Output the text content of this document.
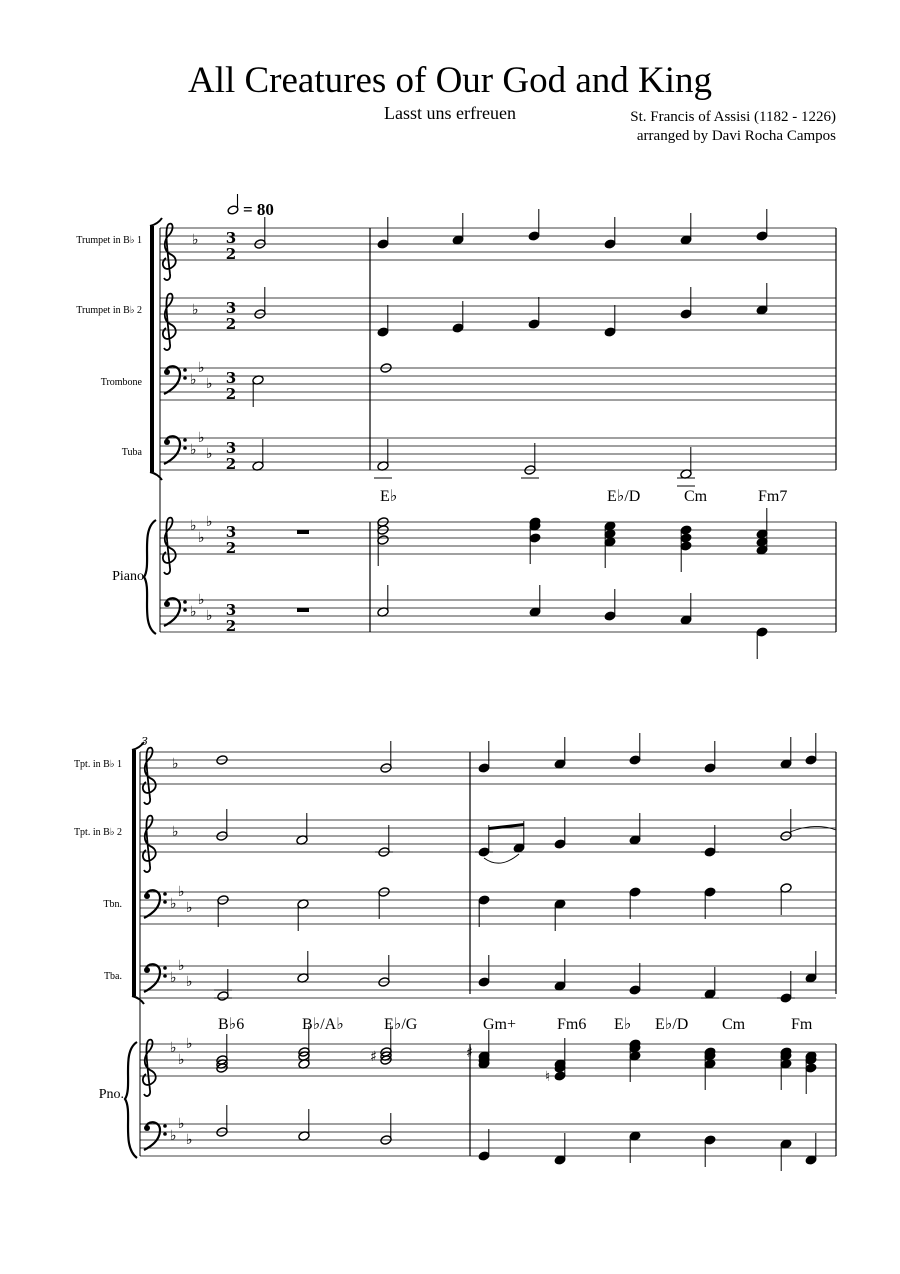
All Creatures of Our God and King
Lasst uns erfreuen	St. Francis of Assisi (1182 - 1226)
arranged by Davi Rocha Campos
= 80
Trumpet in B♭ 1
Trumpet in B♭ 2
Trombone
Tuba
Piano
Tpt. in B♭ 1
Tpt. in B♭ 2
Tbn.
Tba.
Pno.
3
E♭	E♭/D	Cm	Fm7
B♭6	B♭/A♭	E♭/G	Gm+	Fm6 E♭ E♭/D Cm	Fm
♭
♭
♭
♭
♭
♭
♭
♭
♭
♭
♭
♭
♭
♭
3
2
3
2
3
2
3
2
3
2
3
2
♭
♭
♭
♭
♭
♭
♭
♭
♭
♭
♭
♭
♭
♭
♯	♯
♮
